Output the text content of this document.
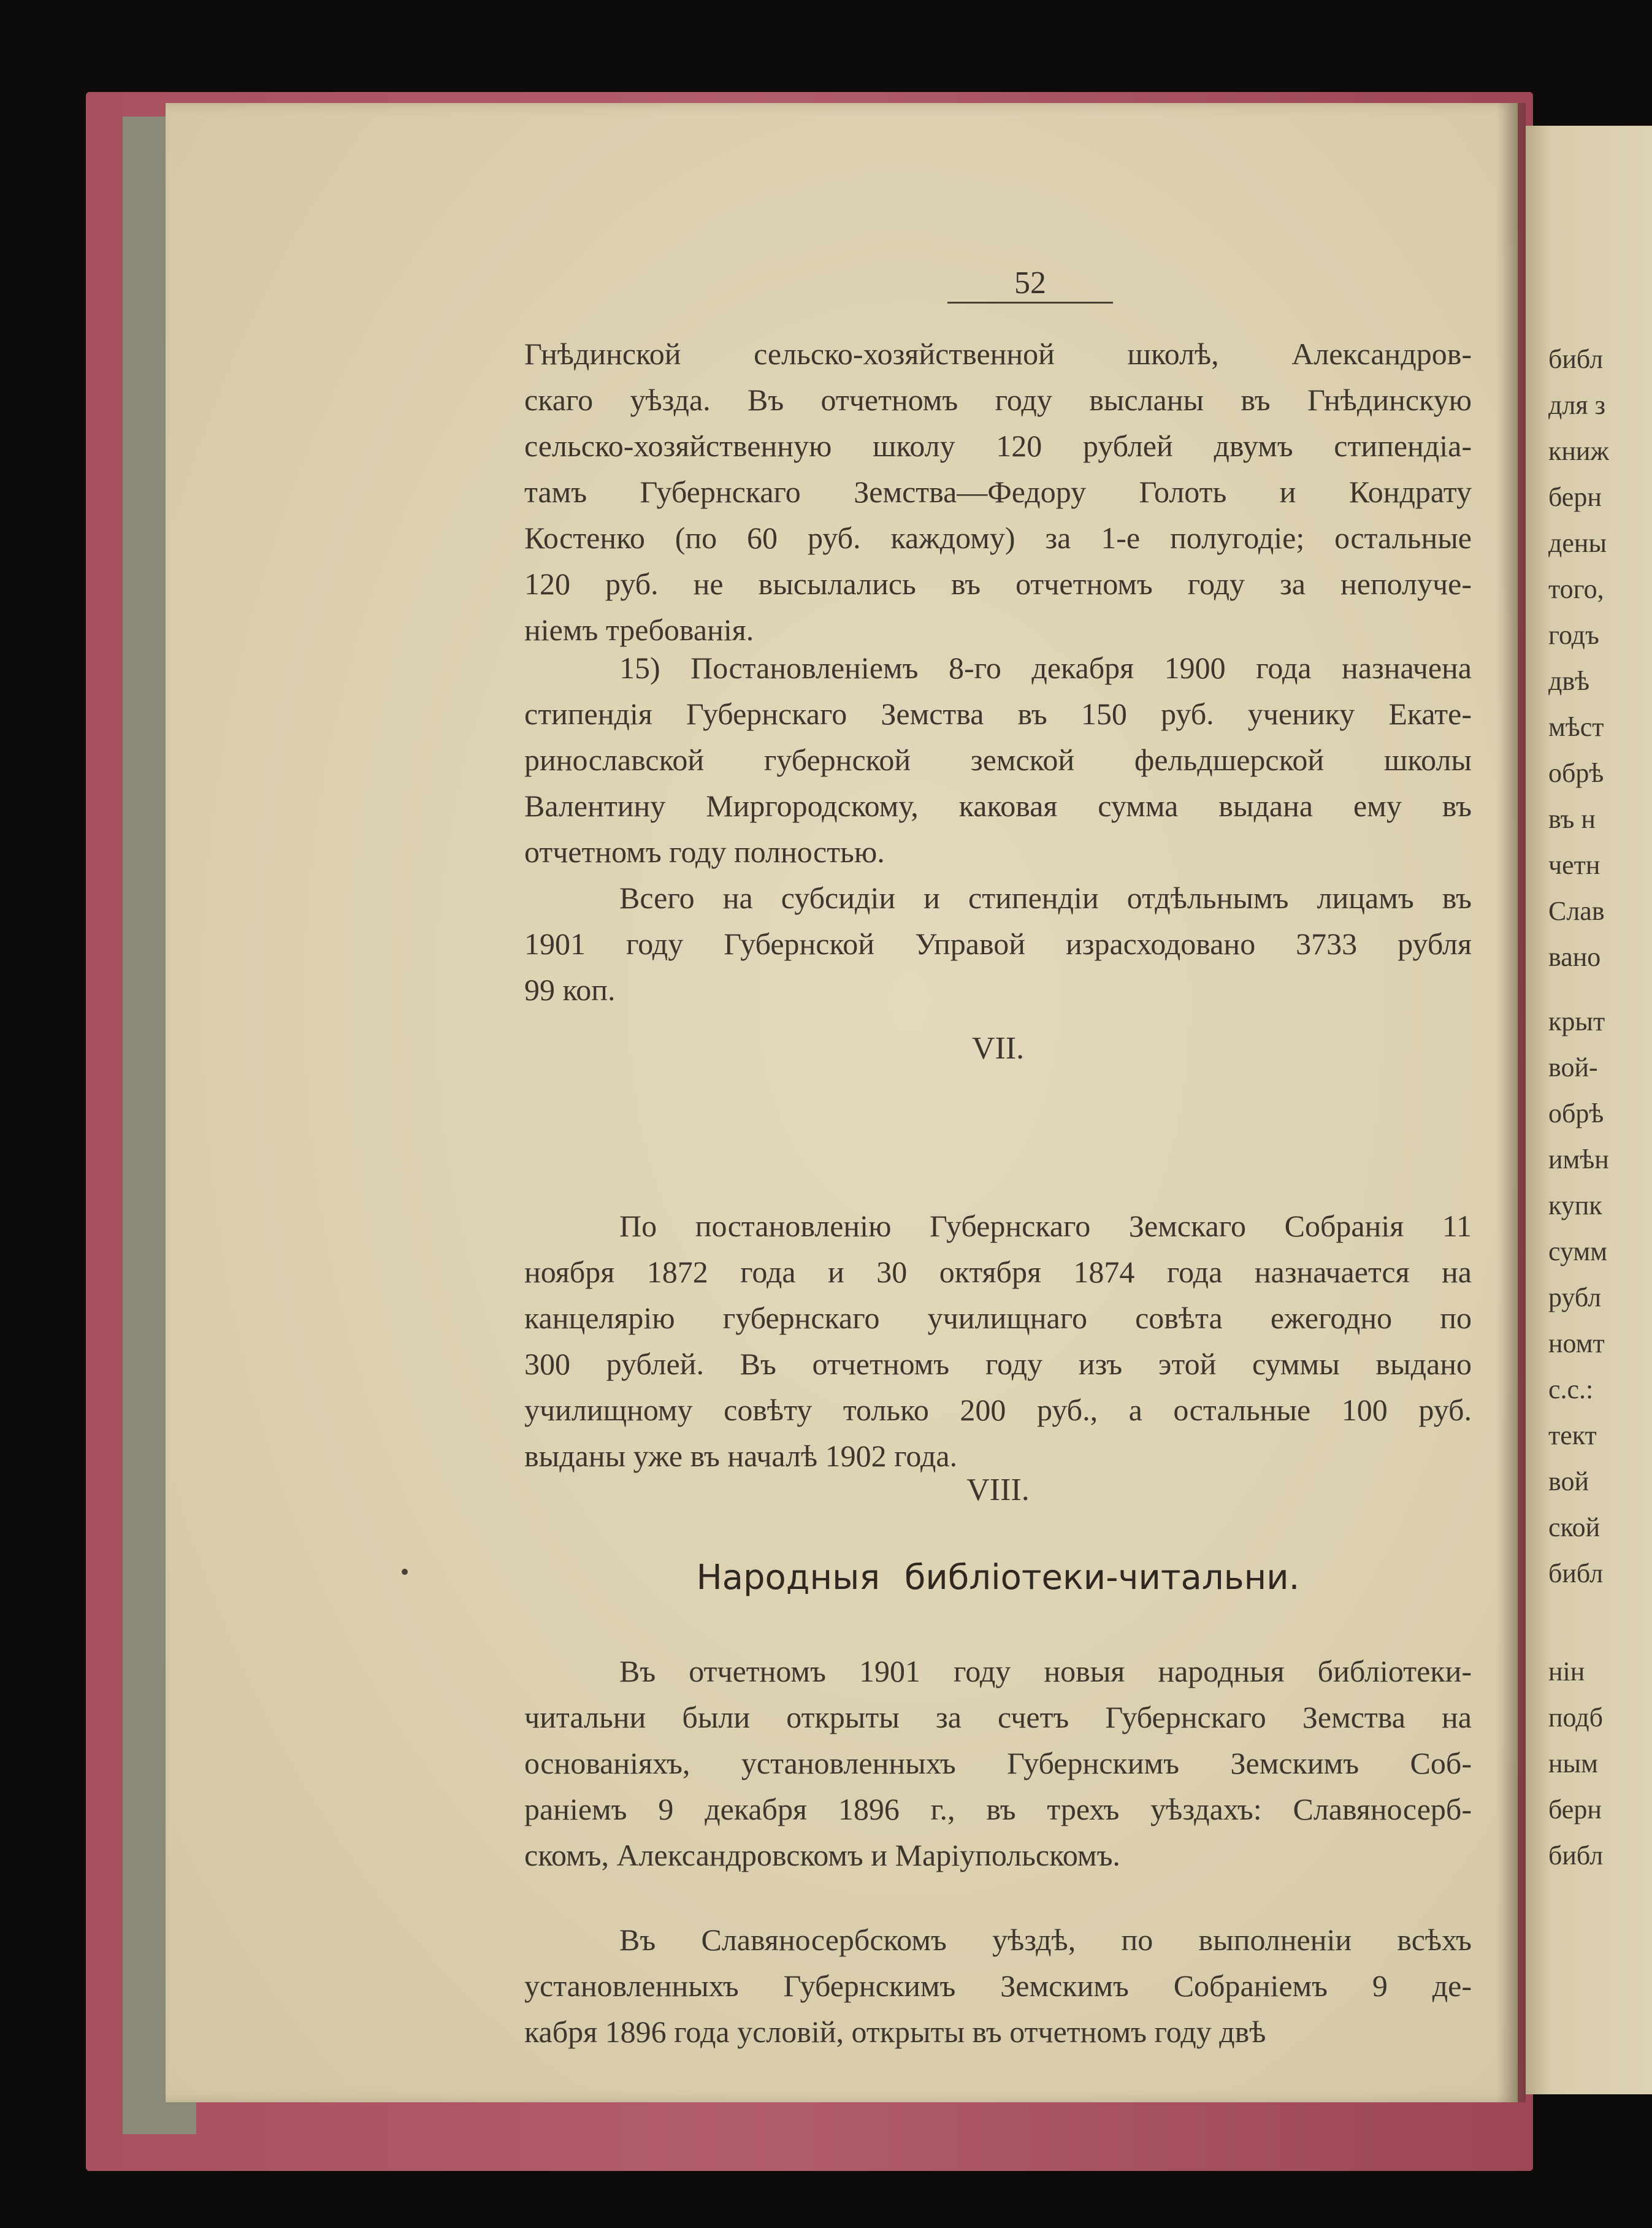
52
Гнѣдинской сельско-хозяйственной школѣ, Александров-
скаго уѣзда. Въ отчетномъ году высланы въ Гнѣдинскую
сельско-хозяйственную школу 120 рублей двумъ стипендіа-
тамъ Губернскаго Земства—Федору Голоть и Кондрату
Костенко (по 60 руб. каждому) за 1-е полугодіе; остальные
120 руб. не высылались въ отчетномъ году за неполуче-
ніемъ требованія.
15) Постановленіемъ 8-го декабря 1900 года назначена
стипендія Губернскаго Земства въ 150 руб. ученику Екате-
ринославской губернской земской фельдшерской школы
Валентину Миргородскому, каковая сумма выдана ему въ
отчетномъ году полностью.
Всего на субсидіи и стипендіи отдѣльнымъ лицамъ въ
1901 году Губернской Управой израсходовано 3733 рубля
99 коп.
VII.
По постановленію Губернскаго Земскаго Собранія 11
ноября 1872 года и 30 октября 1874 года назначается на
канцелярію губернскаго училищнаго совѣта ежегодно по
300 рублей. Въ отчетномъ году изъ этой суммы выдано
училищному совѣту только 200 руб., а остальные 100 руб.
выданы уже въ началѣ 1902 года.
VIII.
Народныя библіотеки-читальни.
Въ отчетномъ 1901 году новыя народныя библіотеки-
читальни были открыты за счетъ Губернскаго Земства на
основаніяхъ, установленныхъ Губернскимъ Земскимъ Соб-
раніемъ 9 декабря 1896 г., въ трехъ уѣздахъ: Славяносерб-
скомъ, Александровскомъ и Маріупольскомъ.
Въ Славяносербскомъ уѣздѣ, по выполненіи всѣхъ
установленныхъ Губернскимъ Земскимъ Собраніемъ 9 де-
кабря 1896 года условій, открыты въ отчетномъ году двѣ
библ
для з
книж
берн
дены
того,
годъ
двѣ
мѣст
обрѣ
въ н
четн
Слав
вано
крыт
вой-
обрѣ
имѣн
купк
сумм
рубл
номт
с.с.:
тект
вой
ской
библ
нін
подб
ным
берн
библ
